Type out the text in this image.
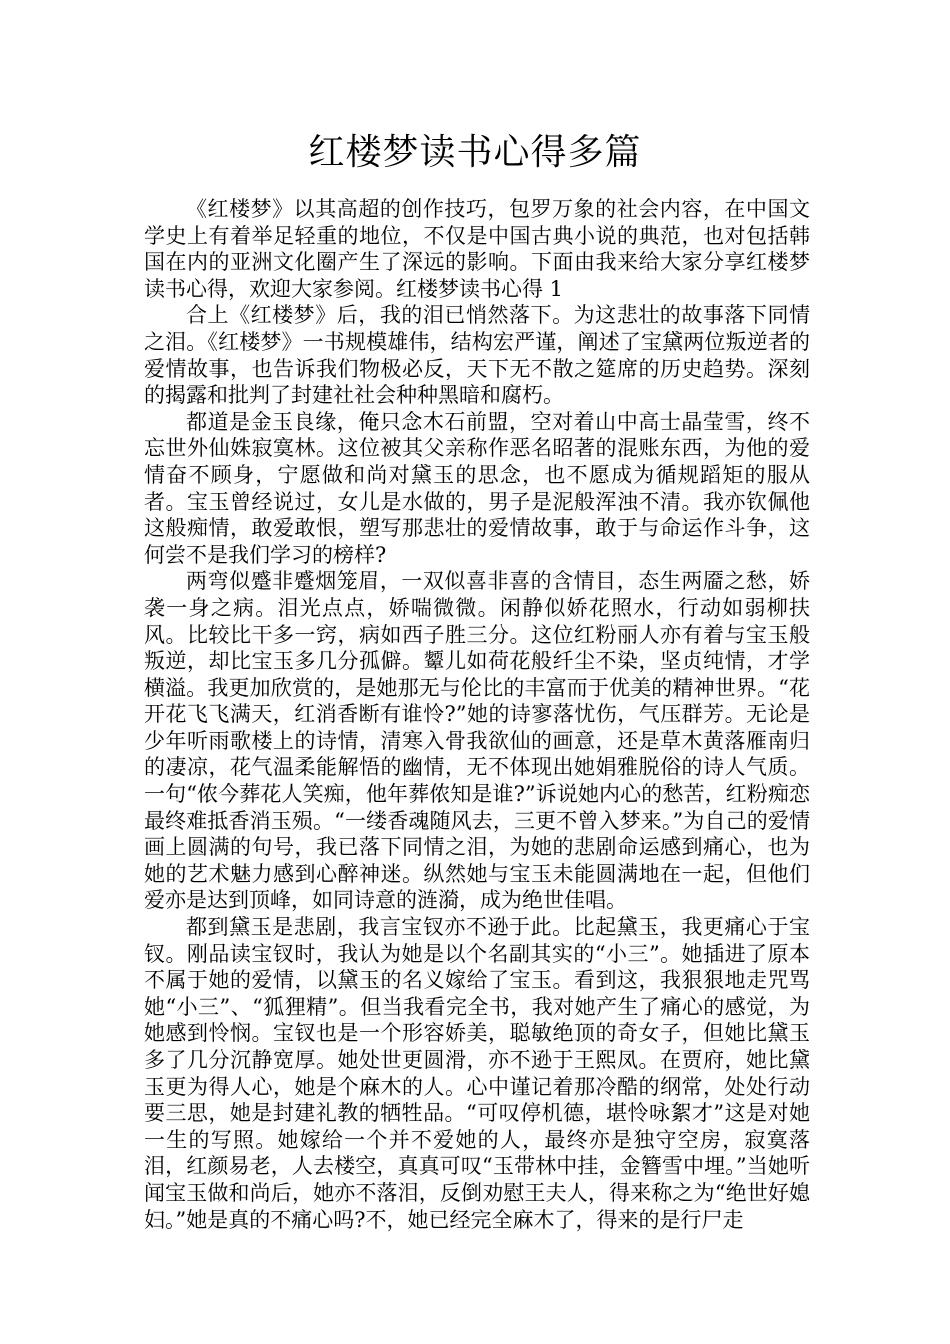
红楼梦读书心得多篇

《红楼梦》以其高超的创作技巧，包罗万象的社会内容，在中国文学史上有着举足轻重的地位，不仅是中国古典小说的典范，也对包括韩国在内的亚洲文化圈产生了深远的影响。下面由我来给大家分享红楼梦读书心得，欢迎大家参阅。红楼梦读书心得 1

合上《红楼梦》后，我的泪已悄然落下。为这悲壮的故事落下同情之泪。《红楼梦》一书规模雄伟，结构宏严谨，阐述了宝黛两位叛逆者的爱情故事，也告诉我们物极必反，天下无不散之筵席的历史趋势。深刻的揭露和批判了封建社社会种种黑暗和腐朽。

都道是金玉良缘，俺只念木石前盟，空对着山中高士晶莹雪，终不忘世外仙姝寂寞林。这位被其父亲称作恶名昭著的混账东西，为他的爱情奋不顾身，宁愿做和尚对黛玉的思念，也不愿成为循规蹈矩的服从者。宝玉曾经说过，女儿是水做的，男子是泥般浑浊不清。我亦钦佩他这般痴情，敢爱敢恨，塑写那悲壮的爱情故事，敢于与命运作斗争，这何尝不是我们学习的榜样?

两弯似蹙非蹙烟笼眉，一双似喜非喜的含情目，态生两靥之愁，娇袭一身之病。泪光点点，娇喘微微。闲静似娇花照水，行动如弱柳扶风。比较比干多一窍，病如西子胜三分。这位红粉丽人亦有着与宝玉般叛逆，却比宝玉多几分孤僻。颦儿如荷花般纤尘不染，坚贞纯情，才学横溢。我更加欣赏的，是她那无与伦比的丰富而于优美的精神世界。“花开花飞飞满天，红消香断有谁怜?”她的诗寥落忧伤，气压群芳。无论是少年听雨歌楼上的诗情，清寒入骨我欲仙的画意，还是草木黄落雁南归的凄凉，花气温柔能解悟的幽情，无不体现出她娟雅脱俗的诗人气质。一句“侬今葬花人笑痴，他年葬侬知是谁?”诉说她内心的愁苦，红粉痴恋最终难抵香消玉殒。“一缕香魂随风去，三更不曾入梦来。”为自己的爱情画上圆满的句号，我已落下同情之泪，为她的悲剧命运感到痛心，也为她的艺术魅力感到心醉神迷。纵然她与宝玉未能圆满地在一起，但他们爱亦是达到顶峰，如同诗意的涟漪，成为绝世佳唱。

都到黛玉是悲剧，我言宝钗亦不逊于此。比起黛玉，我更痛心于宝钗。刚品读宝钗时，我认为她是以个名副其实的“小三”。她插进了原本不属于她的爱情，以黛玉的名义嫁给了宝玉。看到这，我狠狠地走咒骂她“小三”、“狐狸精”。但当我看完全书，我对她产生了痛心的感觉，为她感到怜悯。宝钗也是一个形容娇美，聪敏绝顶的奇女子，但她比黛玉多了几分沉静宽厚。她处世更圆滑，亦不逊于王熙凤。在贾府，她比黛玉更为得人心，她是个麻木的人。心中谨记着那冷酷的纲常，处处行动要三思，她是封建礼教的牺牲品。“可叹停机德，堪怜咏絮才”这是对她一生的写照。她嫁给一个并不爱她的人，最终亦是独守空房，寂寞落泪，红颜易老，人去楼空，真真可叹“玉带林中挂，金簪雪中埋。”当她听闻宝玉做和尚后，她亦不落泪，反倒劝慰王夫人，得来称之为“绝世好媳妇。”她是真的不痛心吗?不，她已经完全麻木了，得来的是行尸走
